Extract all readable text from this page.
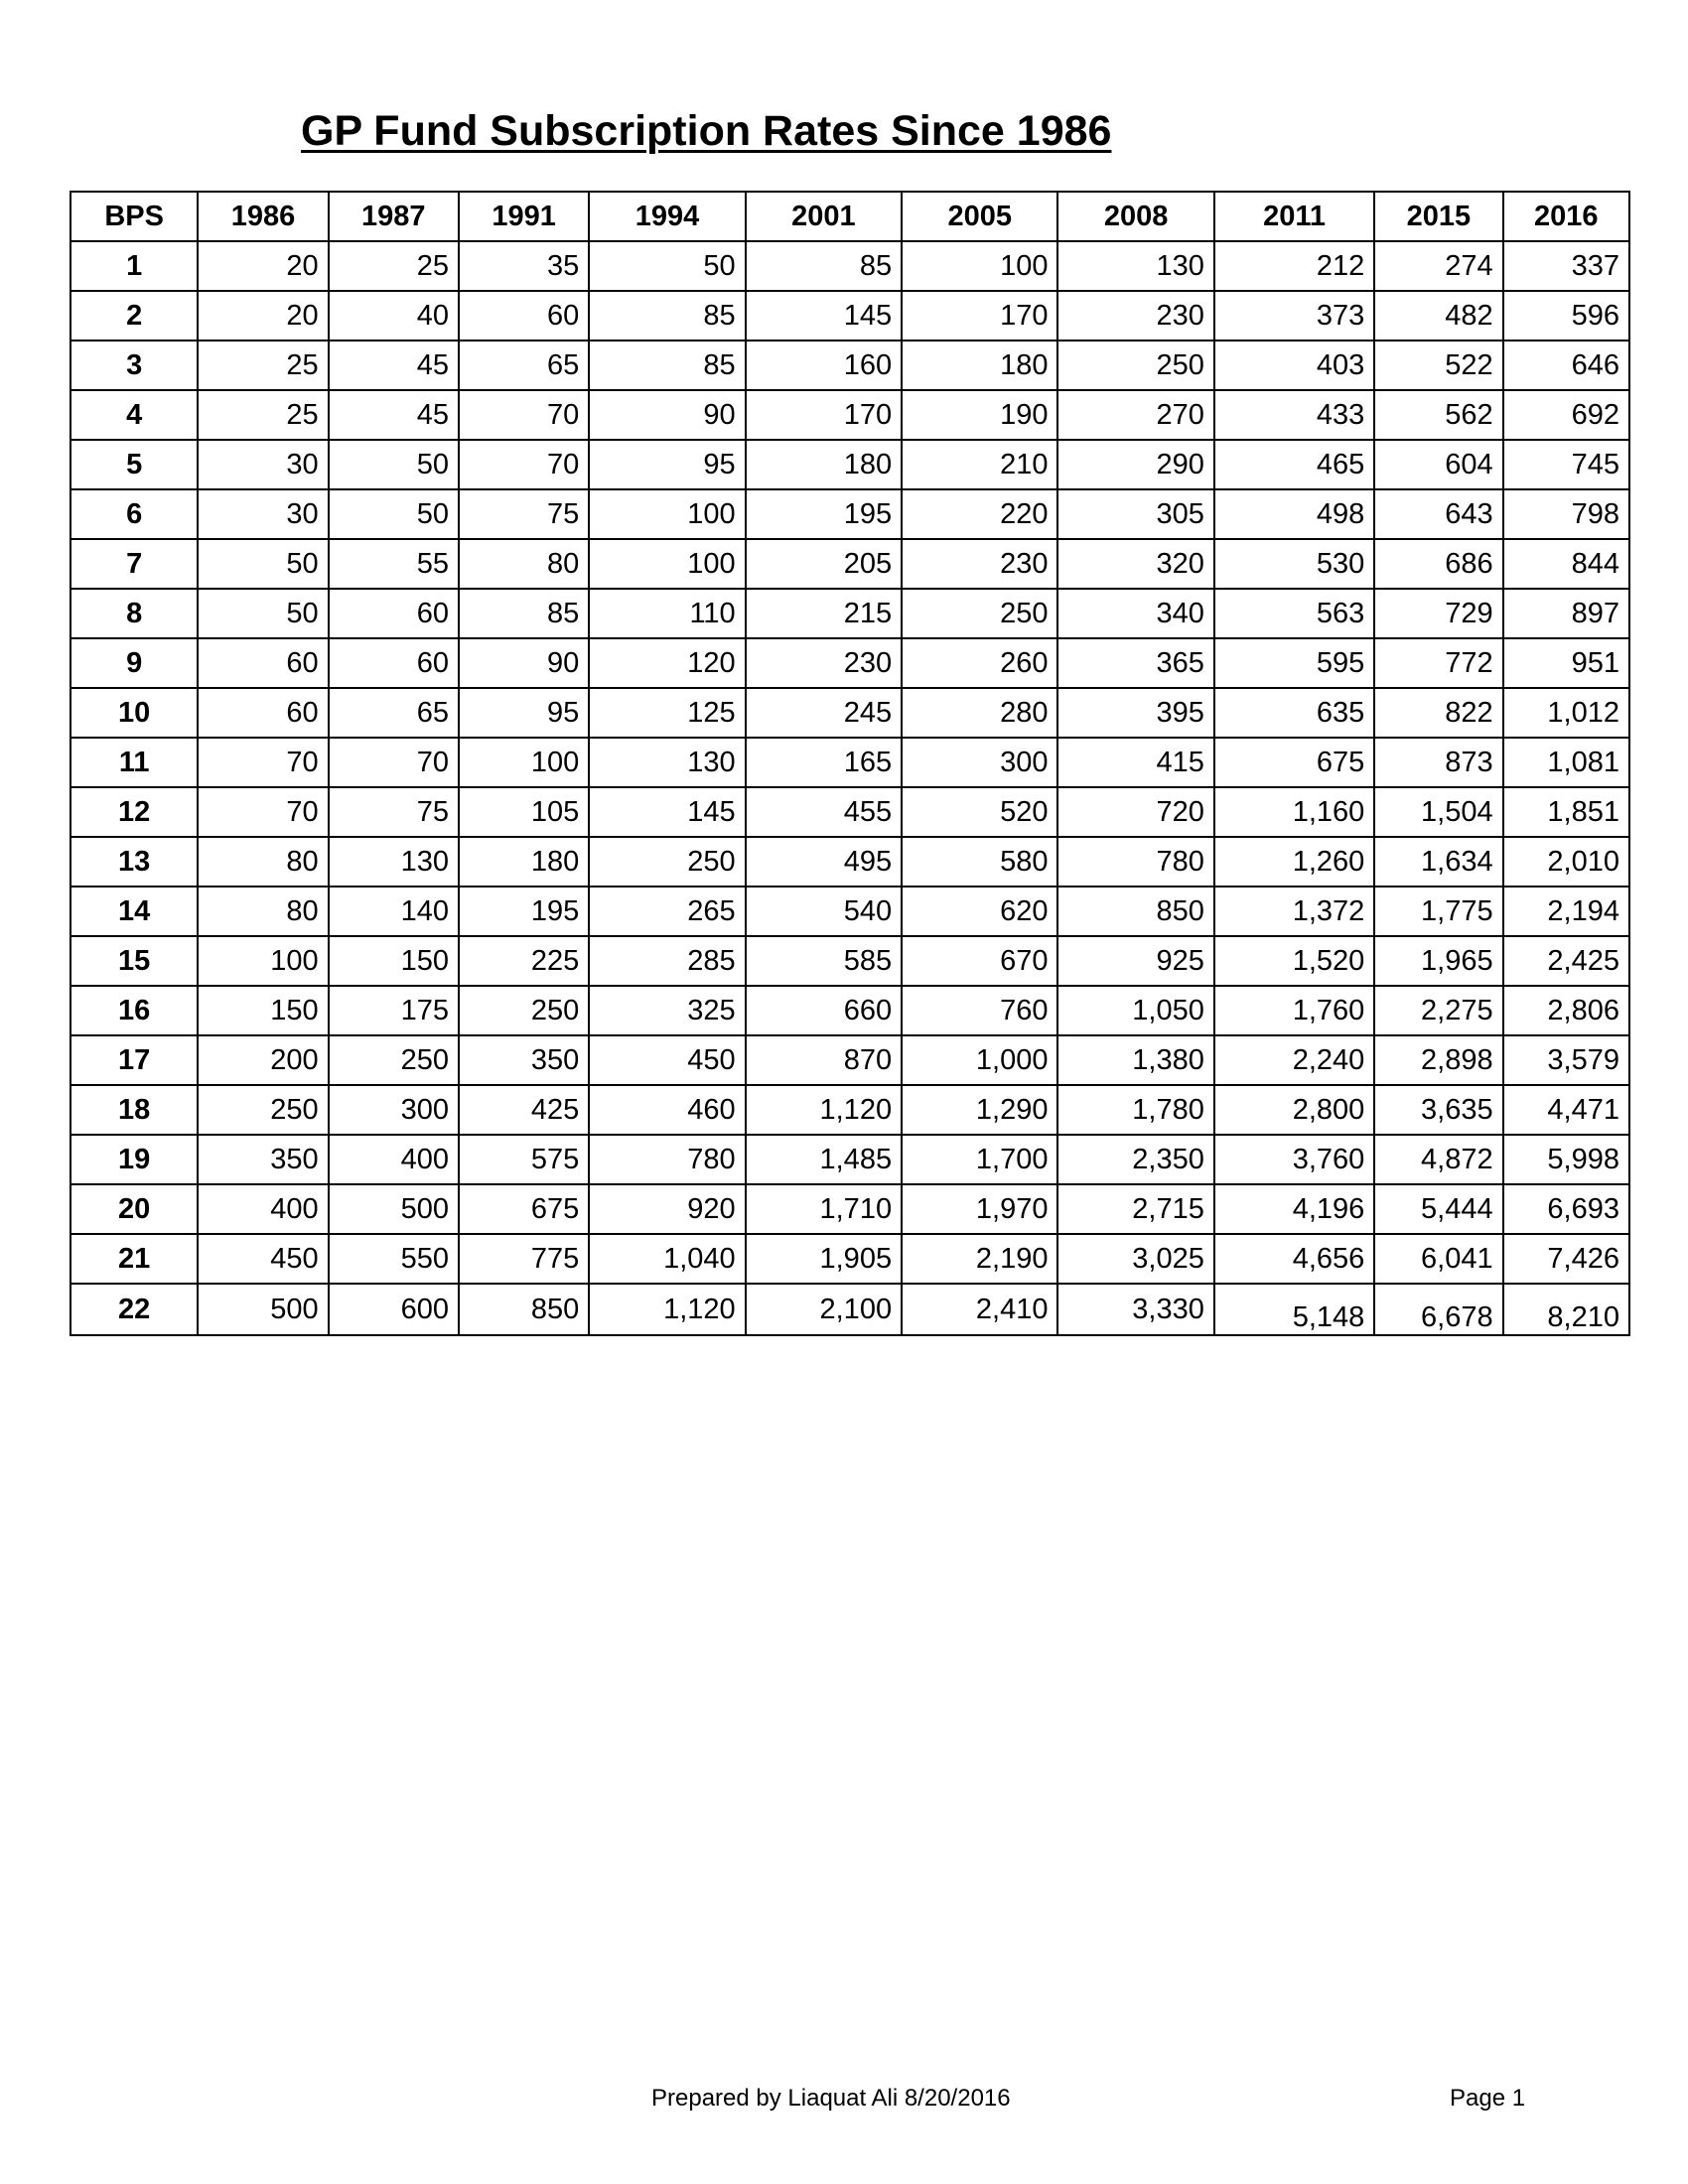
GP Fund Subscription Rates Since 1986
BPS	1986	1987	1991	1994	2001	2005	2008	2011	2015	2016
1	20	25	35	50	85	100	130	212	274	337
2	20	40	60	85	145	170	230	373	482	596
3	25	45	65	85	160	180	250	403	522	646
4	25	45	70	90	170	190	270	433	562	692
5	30	50	70	95	180	210	290	465	604	745
6	30	50	75	100	195	220	305	498	643	798
7	50	55	80	100	205	230	320	530	686	844
8	50	60	85	110	215	250	340	563	729	897
9	60	60	90	120	230	260	365	595	772	951
10	60	65	95	125	245	280	395	635	822	1,012
11	70	70	100	130	165	300	415	675	873	1,081
12	70	75	105	145	455	520	720	1,160	1,504	1,851
13	80	130	180	250	495	580	780	1,260	1,634	2,010
14	80	140	195	265	540	620	850	1,372	1,775	2,194
15	100	150	225	285	585	670	925	1,520	1,965	2,425
16	150	175	250	325	660	760	1,050	1,760	2,275	2,806
17	200	250	350	450	870	1,000	1,380	2,240	2,898	3,579
18	250	300	425	460	1,120	1,290	1,780	2,800	3,635	4,471
19	350	400	575	780	1,485	1,700	2,350	3,760	4,872	5,998
20	400	500	675	920	1,710	1,970	2,715	4,196	5,444	6,693
21	450	550	775	1,040	1,905	2,190	3,025	4,656	6,041	7,426
22	500	600	850	1,120	2,100	2,410	3,330	5,148	6,678	8,210
Prepared by Liaquat Ali 8/20/2016	Page 1
